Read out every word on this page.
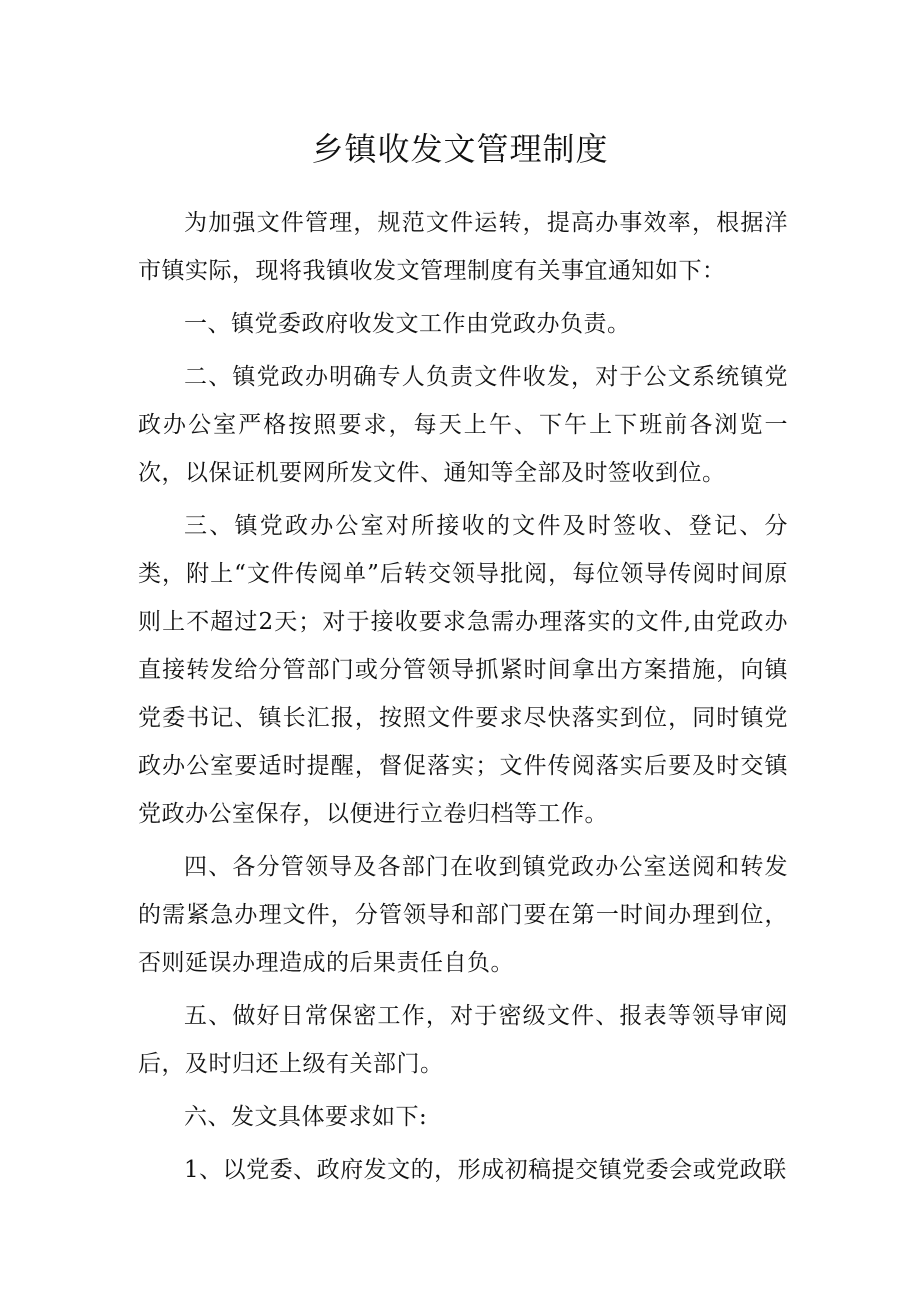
乡镇收发文管理制度

为加强文件管理，规范文件运转，提高办事效率，根据洋市镇实际，现将我镇收发文管理制度有关事宜通知如下：

一、镇党委政府收发文工作由党政办负责。

二、镇党政办明确专人负责文件收发，对于公文系统镇党政办公室严格按照要求，每天上午、下午上下班前各浏览一次，以保证机要网所发文件、通知等全部及时签收到位。

三、镇党政办公室对所接收的文件及时签收、登记、分类，附上“文件传阅单”后转交领导批阅，每位领导传阅时间原则上不超过2天；对于接收要求急需办理落实的文件,由党政办直接转发给分管部门或分管领导抓紧时间拿出方案措施，向镇党委书记、镇长汇报，按照文件要求尽快落实到位，同时镇党政办公室要适时提醒，督促落实；文件传阅落实后要及时交镇党政办公室保存，以便进行立卷归档等工作。

四、各分管领导及各部门在收到镇党政办公室送阅和转发的需紧急办理文件，分管领导和部门要在第一时间办理到位，否则延误办理造成的后果责任自负。

五、做好日常保密工作，对于密级文件、报表等领导审阅后，及时归还上级有关部门。

六、发文具体要求如下:

1、以党委、政府发文的，形成初稿提交镇党委会或党政联
